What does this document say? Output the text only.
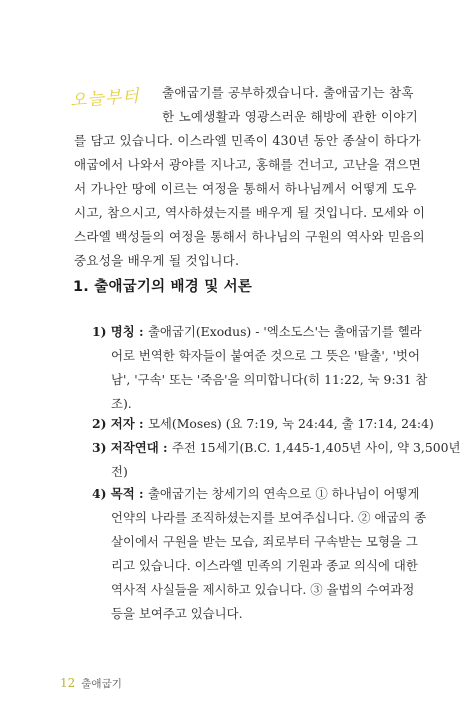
오늘부터	출애굽기를 공부하겠습니다. 출애굽기는 참혹
한 노예생활과 영광스러운 해방에 관한 이야기
를 담고 있습니다. 이스라엘 민족이 430년 동안 종살이 하다가
애굽에서 나와서 광야를 지나고, 홍해를 건너고, 고난을 겪으면
서 가나안 땅에 이르는 여정을 통해서 하나님께서 어떻게 도우
시고, 참으시고, 역사하셨는지를 배우게 될 것입니다. 모세와 이
스라엘 백성들의 여정을 통해서 하나님의 구원의 역사와 믿음의
중요성을 배우게 될 것입니다.
1. 출애굽기의 배경 및 서론
1) 명칭 : 출애굽기(Exodus) - '엑소도스'는 출애굽기를 헬라
어로 번역한 학자들이 붙여준 것으로 그 뜻은 '탈출', '벗어
남', '구속' 또는 '죽음'을 의미합니다(히 11:22, 눅 9:31 참
조).
2) 저자 : 모세(Moses) (요 7:19, 눅 24:44, 출 17:14, 24:4)
3) 저작연대 : 주전 15세기(B.C. 1,445-1,405년 사이, 약 3,500년
전)
4) 목적 : 출애굽기는 창세기의 연속으로 ① 하나님이 어떻게
언약의 나라를 조직하셨는지를 보여주십니다. ② 애굽의 종
살이에서 구원을 받는 모습, 죄로부터 구속받는 모형을 그
리고 있습니다. 이스라엘 민족의 기원과 종교 의식에 대한
역사적 사실들을 제시하고 있습니다. ③ 율법의 수여과정
등을 보여주고 있습니다.
12 출애굽기
